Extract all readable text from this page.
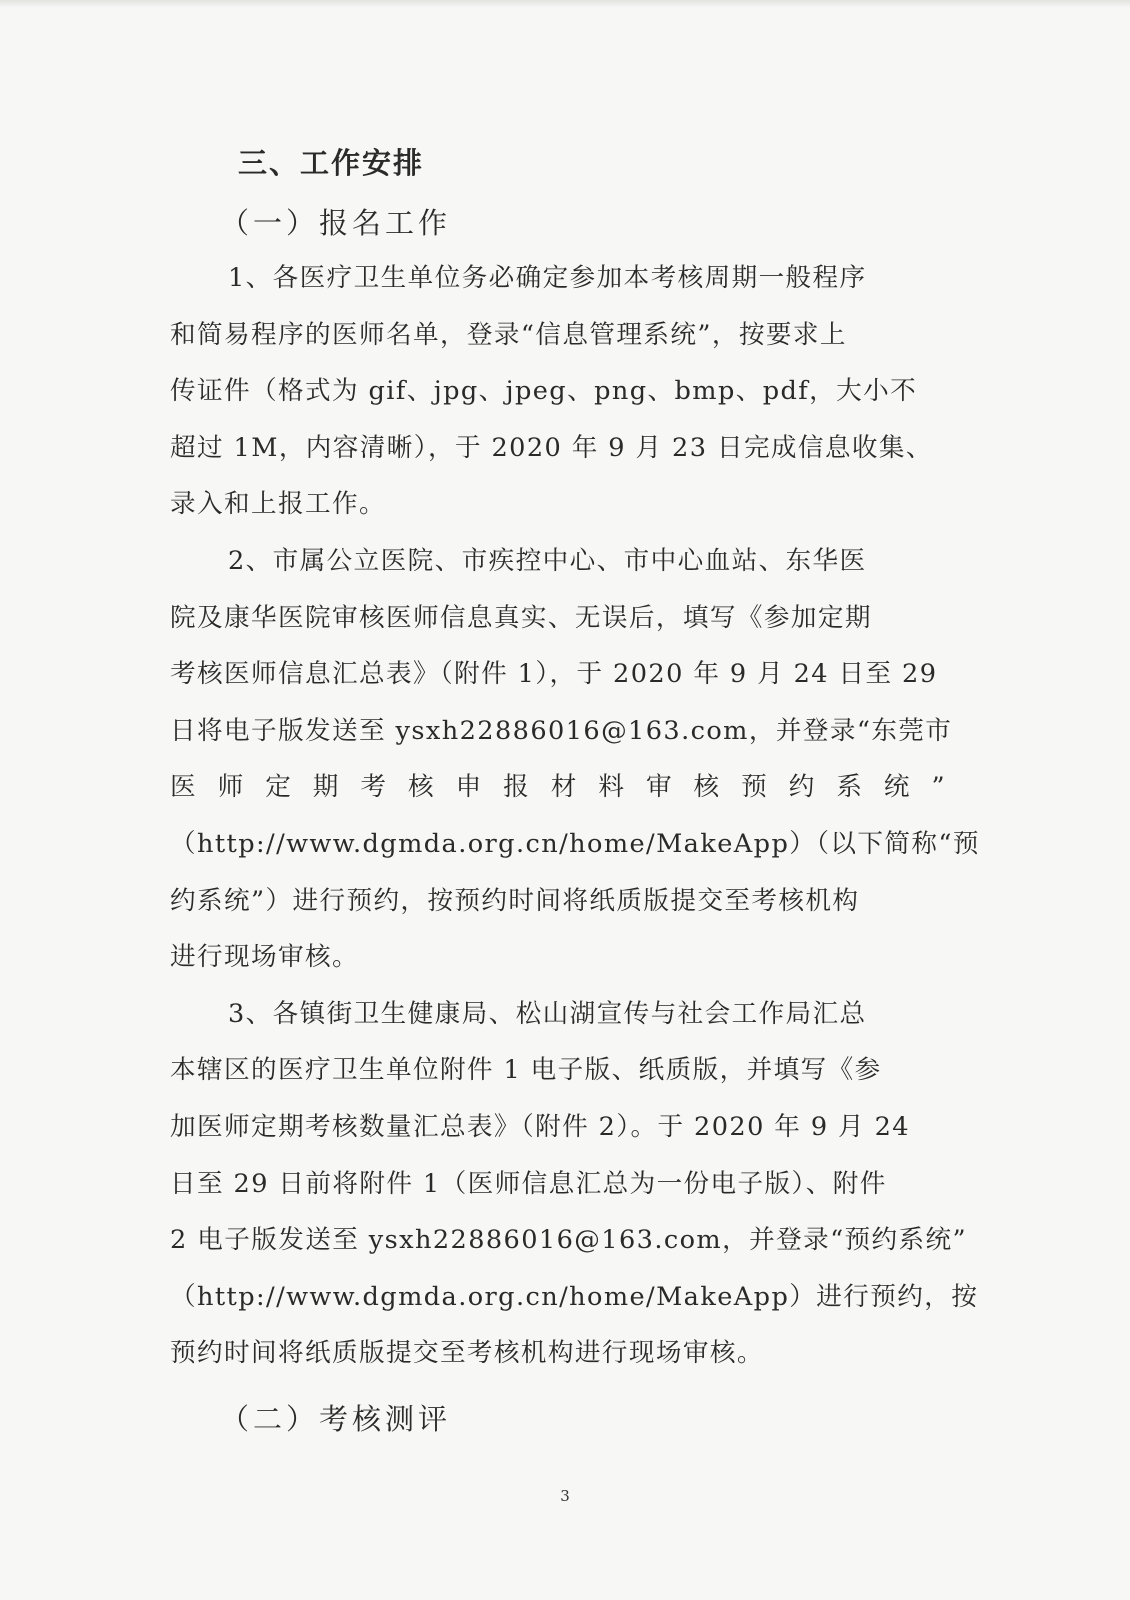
三、工作安排
（一）报名工作

1、各医疗卫生单位务必确定参加本考核周期一般程序
和简易程序的医师名单，登录“信息管理系统”，按要求上
传证件（格式为 gif、jpg、jpeg、png、bmp、pdf，大小不
超过 1M，内容清晰），于 2020 年 9 月 23 日完成信息收集、
录入和上报工作。

2、市属公立医院、市疾控中心、市中心血站、东华医
院及康华医院审核医师信息真实、无误后，填写《参加定期
考核医师信息汇总表》（附件 1），于 2020 年 9 月 24 日至 29
日将电子版发送至 ysxh22886016@163.com，并登录“东莞市
医师定期考核申报材料审核预约系统”
（http://www.dgmda.org.cn/home/MakeApp）（以下简称“预
约系统”）进行预约，按预约时间将纸质版提交至考核机构
进行现场审核。

3、各镇街卫生健康局、松山湖宣传与社会工作局汇总
本辖区的医疗卫生单位附件 1 电子版、纸质版，并填写《参
加医师定期考核数量汇总表》（附件 2）。于 2020 年 9 月 24
日至 29 日前将附件 1（医师信息汇总为一份电子版）、附件
2 电子版发送至 ysxh22886016@163.com，并登录“预约系统”
（http://www.dgmda.org.cn/home/MakeApp）进行预约，按
预约时间将纸质版提交至考核机构进行现场审核。

（二）考核测评
3
